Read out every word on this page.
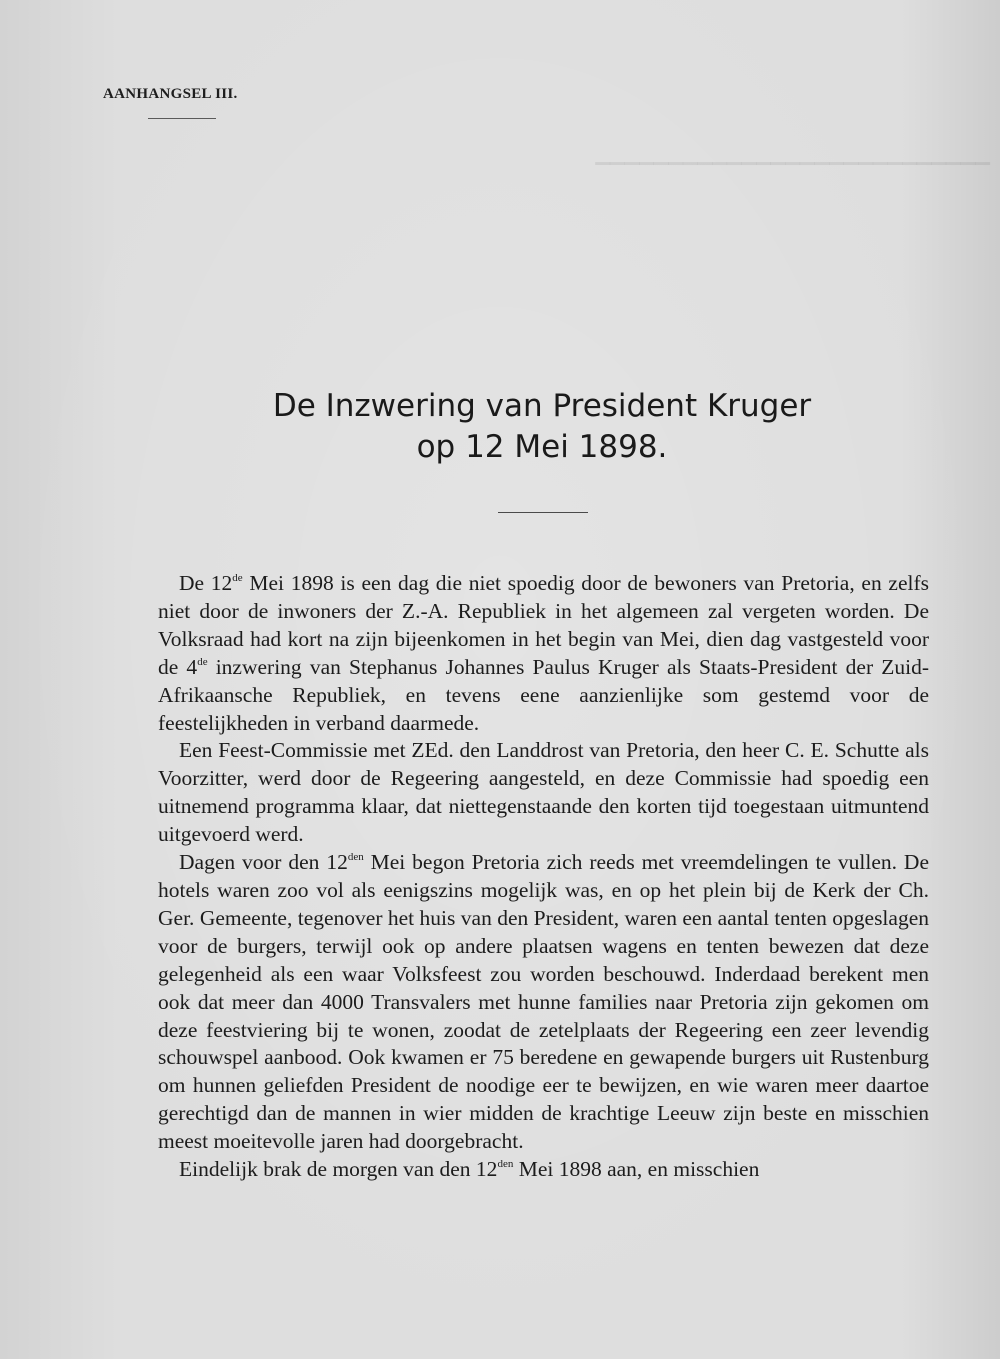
▔▔▔▔▔▔▔▔▔▔▔▔▔▔▔▔▔▔▔▔▔▔▔▔▔▔▔

AANHANGSEL III.
De Inzwering van President Kruger
op 12 Mei 1898.

De 12de Mei 1898 is een dag die niet spoedig door de bewoners van Pretoria, en zelfs niet door de inwoners der Z.-A. Republiek in het algemeen zal vergeten worden. De Volksraad had kort na zijn bijeenkomen in het begin van Mei, dien dag vastgesteld voor de 4de inzwering van Stephanus Johannes Paulus Kruger als Staats-President der Zuid-Afrikaansche Republiek, en tevens eene aanzienlijke som gestemd voor de feestelijkheden in verband daarmede.

Een Feest-Commissie met ZEd. den Landdrost van Pretoria, den heer C. E. Schutte als Voorzitter, werd door de Regeering aangesteld, en deze Commissie had spoedig een uitnemend programma klaar, dat niettegenstaande den korten tijd toegestaan uitmuntend uitgevoerd werd.

Dagen voor den $12^{den}$ Mei begon Pretoria zich reeds met vreemdelingen te vullen. De hotels waren zoo vol als eenigszins mogelijk was, en op het plein bij de Kerk der Ch. Ger. Gemeente, tegenover het huis van den President, waren een aantal tenten opgeslagen voor de burgers, terwijl ook op andere plaatsen wagens en tenten bewezen dat deze gelegenheid als een waar Volksfeest zou worden beschouwd. Inderdaad berekent men ook dat meer dan 4000 Transvalers met hunne families naar Pretoria zijn gekomen om deze feestviering bij te wonen, zoodat de zetelplaats der Regeering een zeer levendig schouwspel aanbood. Ook kwamen er 75 beredene en gewapende burgers uit Rustenburg om hunnen geliefden President de noodige eer te bewijzen, en wie waren meer daartoe gerechtigd dan de mannen in wier midden de krachtige Leeuw zijn beste en misschien meest moeitevolle jaren had doorgebracht.

Eindelijk brak de morgen van den $12^{den}$ Mei 1898 aan, en misschien
